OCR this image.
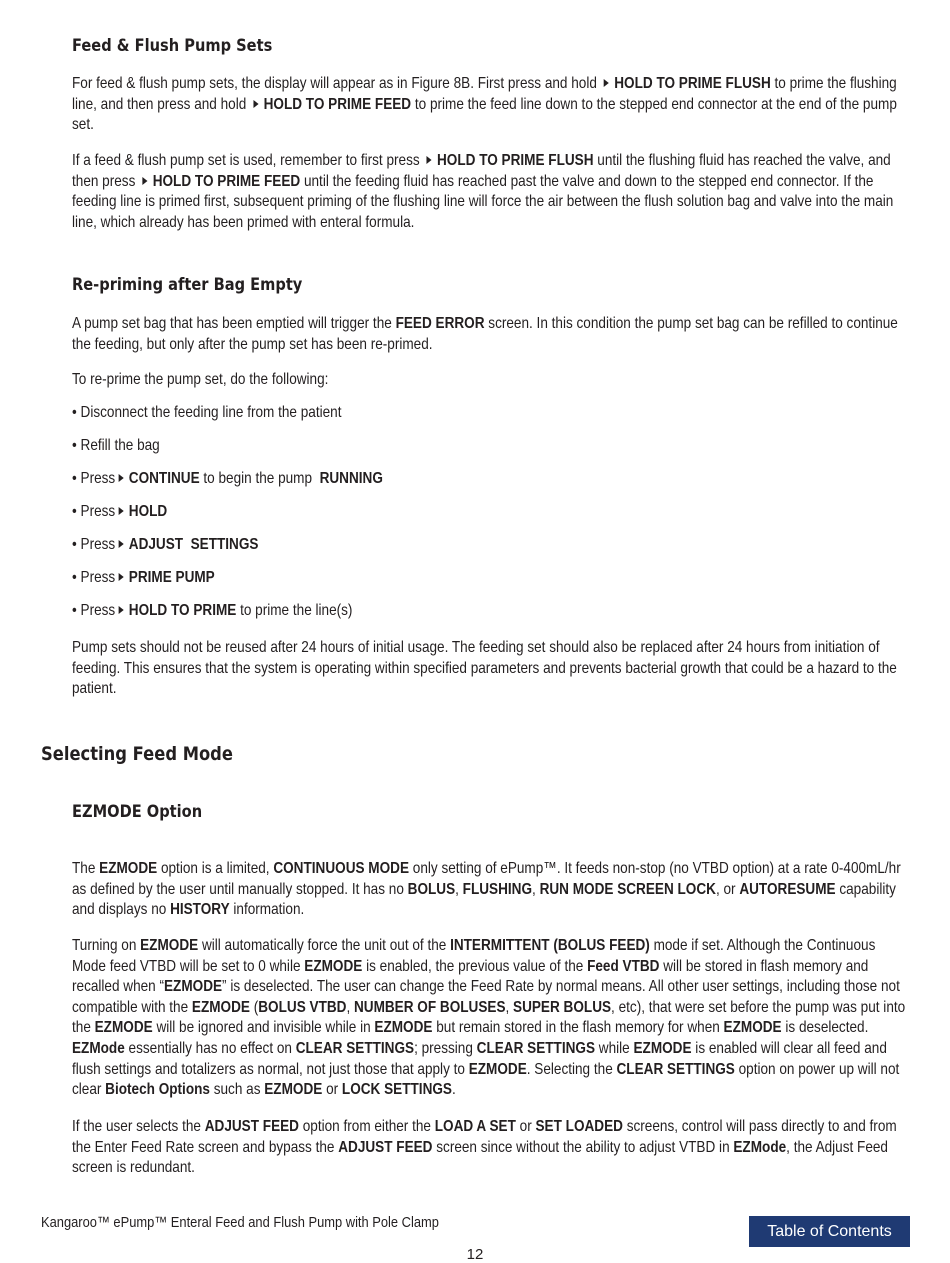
Feed & Flush Pump Sets

For feed & flush pump sets, the display will appear as in Figure 8B. First press and hold HOLD TO PRIME FLUSH to prime the flushing line, and then press and hold HOLD TO PRIME FEED to prime the feed line down to the stepped end connector at the end of the pump set.

If a feed & flush pump set is used, remember to first press HOLD TO PRIME FLUSH until the flushing fluid has reached the valve, and then press HOLD TO PRIME FEED until the feeding fluid has reached past the valve and down to the stepped end connector. If the feeding line is primed first, subsequent priming of the flushing line will force the air between the flush solution bag and valve into the main line, which already has been primed with enteral formula.

Re-priming after Bag Empty

A pump set bag that has been emptied will trigger the FEED ERROR screen. In this condition the pump set bag can be refilled to continue the feeding, but only after the pump set has been re-primed.

To re-prime the pump set, do the following:

• Disconnect the feeding line from the patient
• Refill the bag
• Press CONTINUE to begin the pump  RUNNING
• Press HOLD
• Press ADJUST  SETTINGS
• Press PRIME PUMP
• Press HOLD TO PRIME to prime the line(s)

Pump sets should not be reused after 24 hours of initial usage. The feeding set should also be replaced after 24 hours from initiation of feeding. This ensures that the system is operating within specified parameters and prevents bacterial growth that could be a hazard to the patient.

Selecting Feed Mode
EZMODE Option

The EZMODE option is a limited, CONTINUOUS MODE only setting of ePump™. It feeds non-stop (no VTBD option) at a rate 0-400mL/hr as defined by the user until manually stopped. It has no BOLUS, FLUSHING, RUN MODE SCREEN LOCK, or AUTORESUME capability and displays no HISTORY information.

Turning on EZMODE will automatically force the unit out of the INTERMITTENT (BOLUS FEED) mode if set. Although the Continuous Mode feed VTBD will be set to 0 while EZMODE is enabled, the previous value of the Feed VTBD will be stored in flash memory and recalled when “EZMODE” is deselected. The user can change the Feed Rate by normal means. All other user settings, including those not compatible with the EZMODE (BOLUS VTBD, NUMBER OF BOLUSES, SUPER BOLUS, etc), that were set before the pump was put into the EZMODE will be ignored and invisible while in EZMODE but remain stored in the flash memory for when EZMODE is deselected. EZMode essentially has no effect on CLEAR SETTINGS; pressing CLEAR SETTINGS while EZMODE is enabled will clear all feed and flush settings and totalizers as normal, not just those that apply to EZMODE. Selecting the CLEAR SETTINGS option on power up will not clear Biotech Options such as EZMODE or LOCK SETTINGS.

If the user selects the ADJUST FEED option from either the LOAD A SET or SET LOADED screens, control will pass directly to and from the Enter Feed Rate screen and bypass the ADJUST FEED screen since without the ability to adjust VTBD in EZMode, the Adjust Feed screen is redundant.

Kangaroo™ ePump™ Enteral Feed and Flush Pump with Pole Clamp	Table of Contents
12
